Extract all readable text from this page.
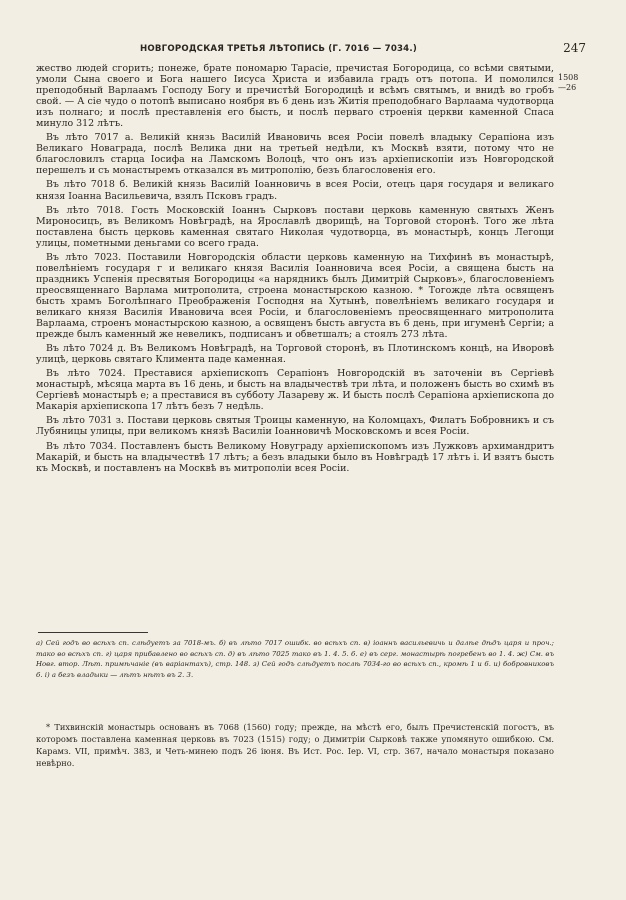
НОВГОРОДСКАЯ ТРЕТЬЯ ЛѢТОПИСЬ (Г. 7016 — 7034.)	247
1508
—26

жество людей сгорить; понеже, брате пономарю Тарасіе, пречистая Богородица, со всѣми святыми, умоли Сына своего и Бога нашего Іисуса Христа и избавила градъ отъ потопа. И помолился преподобный Варлаамъ Господу Богу и пречистѣй Богородицѣ и всѣмъ святымъ, и внидѣ во гробъ свой. — А сіе чудо о потопѣ выписано ноября въ 6 день изъ Житія преподобнаго Варлаама чудотворца изъ полнаго; и послѣ преставленія его бысть, и послѣ перваго строенія церкви каменной Спаса минуло 312 лѣтъ.

Въ лѣто 7017 а. Великій князь Василій Ивановичь всея Росіи повелѣ владыку Серапіона изъ Великаго Новаграда, послѣ Велика дни на третьей недѣли, къ Москвѣ взяти, потому что не благословилъ старца Іосифа на Ламскомъ Волоцѣ, что онъ изъ архіепископіи изъ Новгородской перешелъ и съ монастыремъ отказался въ митрополію, безъ благословенія его.

Въ лѣто 7018 б. Великій князь Василій Іоанновичь в всея Росіи, отецъ царя государя и великаго князя Іоанна Васильевича, взялъ Псковъ градъ.

Въ лѣто 7018. Гость Московскій Іоаннъ Сырковъ постави церковь каменную святыхъ Женъ Мироносицъ, въ Великомъ Новѣградѣ, на Ярославлѣ дворищѣ, на Торговой сторонѣ. Того же лѣта поставлена бысть церковь каменная святаго Николая чудотворца, въ монастырѣ, концъ Легощи улицы, пометными деньгами со всего града.

Въ лѣто 7023. Поставили Новгородскія области церковь каменную на Тихфинѣ въ монастырѣ, повелѣніемъ государя г и великаго князя Василія Іоанновича всея Росіи, а священа бысть на праздникъ Успенія пресвятыя Богородицы «а нарядникъ былъ Димитрій Сырковъ», благословеніемъ преосвященнаго Варлама митрополита, строена монастырскою казною. * Тогожде лѣта освященъ бысть храмъ Боголѣпнаго Преображенія Господня на Хутынѣ, повелѣніемъ великаго государя и великаго князя Василія Ивановича всея Росіи, и благословеніемъ преосвященнаго митрополита Варлаама, строенъ монастырскою казною, а освященъ бысть августа въ 6 день, при игуменѣ Сергіи; а прежде былъ каменный же невеликъ, подписанъ и обветшалъ; а стоялъ 273 лѣта.

Въ лѣто 7024 д. Въ Великомъ Новѣградѣ, на Торговой сторонѣ, въ Плотинскомъ концѣ, на Иворовѣ улицѣ, церковь святаго Климента паде каменная.

Въ лѣто 7024. Преставися архіепископъ Серапіонъ Новгородскій въ заточеніи въ Сергіевѣ монастырѣ, мѣсяца марта въ 16 день, и бысть на владычествѣ три лѣта, и положенъ бысть во схимѣ въ Сергіевѣ монастырѣ е; а преставися въ субботу Лазареву ж. И бысть послѣ Серапіона архіепископа до Макарія архіепископа 17 лѣтъ безъ 7 недѣль.

Въ лѣто 7031 з. Постави церковь святыя Троицы каменную, на Коломцахъ, Филатъ Бобровникъ и съ Лубяницы улицы, при великомъ князѣ Василіи Іоанновичѣ Московскомъ и всея Росіи.

Въ лѣто 7034. Поставленъ бысть Великому Новуграду архіепископомъ изъ Лужковъ архимандритъ Макарій, и бысть на владычествѣ 17 лѣтъ; а безъ владыки было въ Новѣградѣ 17 лѣтъ і. И взятъ бысть къ Москвѣ, и поставленъ на Москвѣ въ митрополіи всея Росіи.

а) Сей годъ во всѣхъ сп. слѣдуетъ за 7018-мъ. б) въ лѣто 7017 ошибк. во всѣхъ сп. в) іоаннъ васильевичь и далѣе дѣдъ царя и проч.; тако во всѣхъ сп. г) царя прибавлено во всѣхъ сп. д) въ лѣто 7025 тако въ 1. 4. 5. 6. е) въ серг. монастырѣ погребенъ во 1. 4. ж) См. въ Новг. втор. Лѣт. примѣчаніе (въ варіантахъ), стр. 148. з) Сей годъ слѣдуетъ послѣ 7034-го во всѣхъ сп., кромѣ 1 и 6. и) бобровниковъ 6. і) а безъ владыки — лѣтъ нѣтъ въ 2. 3.

* Тихвинскій монастырь основанъ въ 7068 (1560) году; прежде, на мѣстѣ его, былъ Пречистенскій погостъ, въ которомъ поставлена каменная церковь въ 7023 (1515) году; о Димитріи Сырковѣ также упомянуто ошибкою. См. Карамз. VII, примѣч. 383, и Четь-минею подъ 26 іюня. Въ Ист. Рос. Іер. VI, стр. 367, начало монастыря показано невѣрно.
